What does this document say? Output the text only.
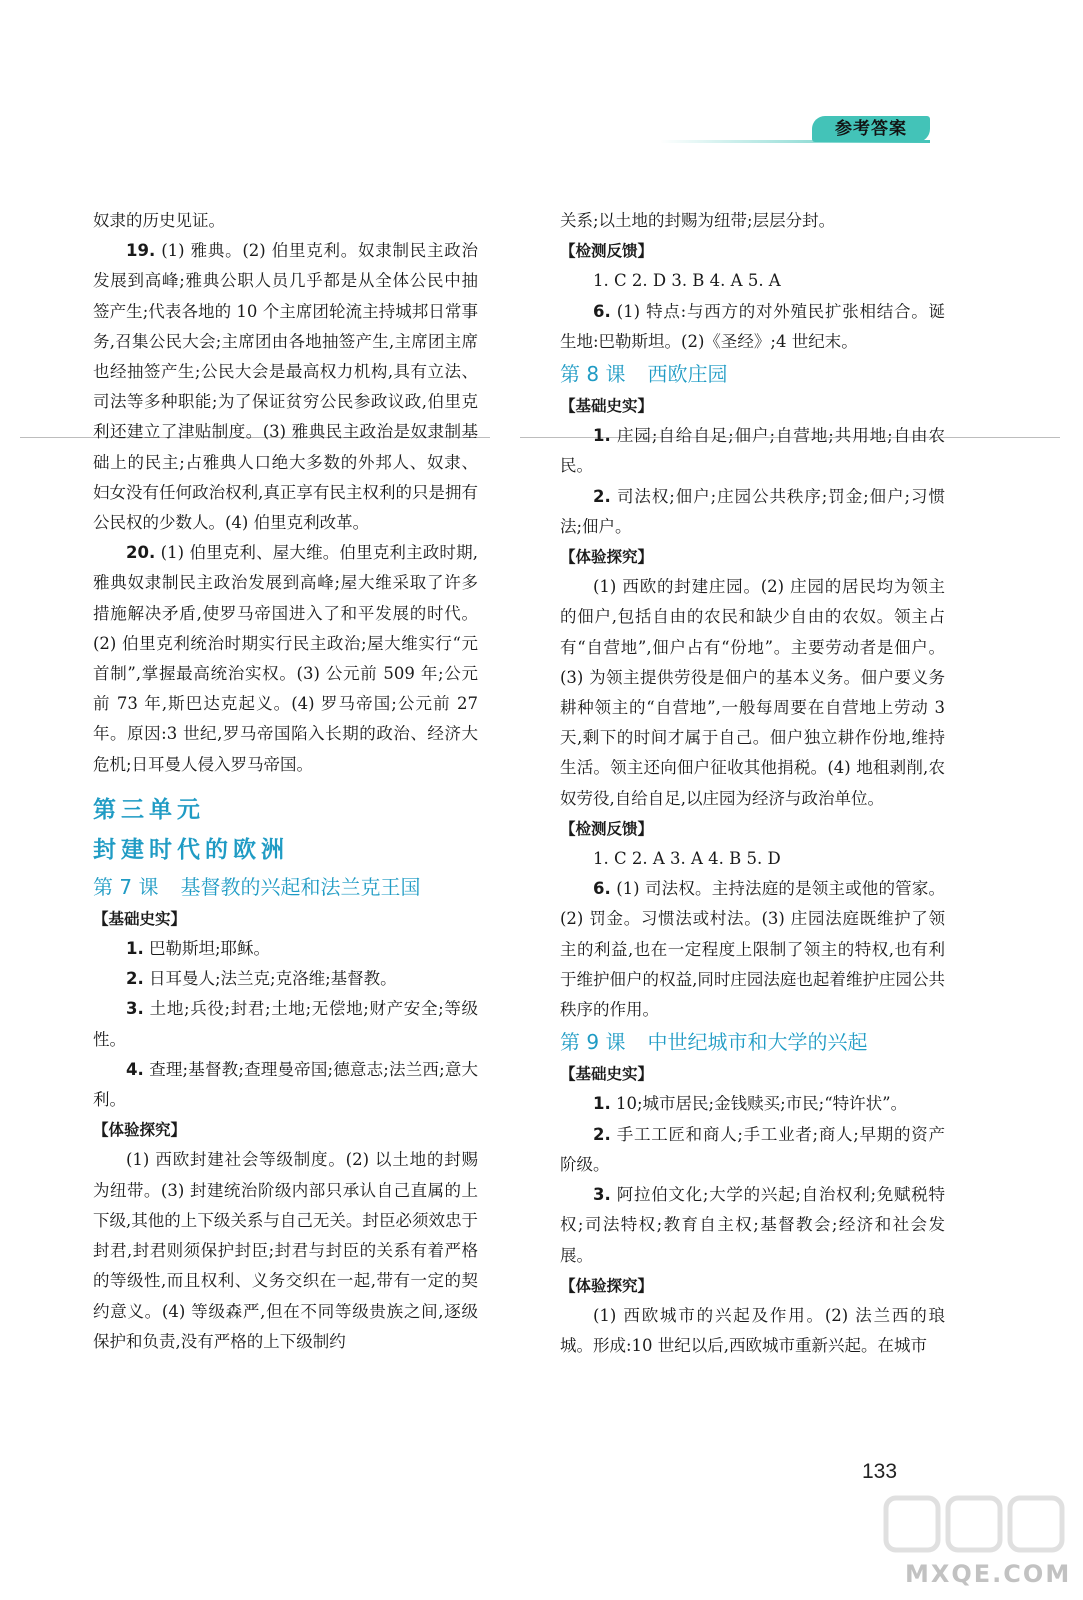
参考答案

奴隶的历史见证。

19. (1) 雅典。(2) 伯里克利。奴隶制民主政治发展到高峰;雅典公职人员几乎都是从全体公民中抽签产生;代表各地的 10 个主席团轮流主持城邦日常事务,召集公民大会;主席团由各地抽签产生,主席团主席也经抽签产生;公民大会是最高权力机构,具有立法、司法等多种职能;为了保证贫穷公民参政议政,伯里克利还建立了津贴制度。(3) 雅典民主政治是奴隶制基础上的民主;占雅典人口绝大多数的外邦人、奴隶、妇女没有任何政治权利,真正享有民主权利的只是拥有公民权的少数人。(4) 伯里克利改革。

20. (1) 伯里克利、屋大维。伯里克利主政时期,雅典奴隶制民主政治发展到高峰;屋大维采取了许多措施解决矛盾,使罗马帝国进入了和平发展的时代。(2) 伯里克利统治时期实行民主政治;屋大维实行“元首制”,掌握最高统治实权。(3) 公元前 509 年;公元前 73 年,斯巴达克起义。(4) 罗马帝国;公元前 27 年。原因:3 世纪,罗马帝国陷入长期的政治、经济大危机;日耳曼人侵入罗马帝国。

第三单元

封建时代的欧洲

第 7 课 基督教的兴起和法兰克王国

【基础史实】

1. 巴勒斯坦;耶稣。

2. 日耳曼人;法兰克;克洛维;基督教。

3. 土地;兵役;封君;土地;无偿地;财产安全;等级性。

4. 查理;基督教;查理曼帝国;德意志;法兰西;意大利。

【体验探究】

(1) 西欧封建社会等级制度。(2) 以土地的封赐为纽带。(3) 封建统治阶级内部只承认自己直属的上下级,其他的上下级关系与自己无关。封臣必须效忠于封君,封君则须保护封臣;封君与封臣的关系有着严格的等级性,而且权利、义务交织在一起,带有一定的契约意义。(4) 等级森严,但在不同等级贵族之间,逐级保护和负责,没有严格的上下级制约

关系;以土地的封赐为纽带;层层分封。

【检测反馈】

1. C 2. D 3. B 4. A 5. A

6. (1) 特点:与西方的对外殖民扩张相结合。诞生地:巴勒斯坦。(2)《圣经》;4 世纪末。

第 8 课 西欧庄园

【基础史实】

1. 庄园;自给自足;佃户;自营地;共用地;自由农民。

2. 司法权;佃户;庄园公共秩序;罚金;佃户;习惯法;佃户。

【体验探究】

(1) 西欧的封建庄园。(2) 庄园的居民均为领主的佃户,包括自由的农民和缺少自由的农奴。领主占有“自营地”,佃户占有“份地”。主要劳动者是佃户。(3) 为领主提供劳役是佃户的基本义务。佃户要义务耕种领主的“自营地”,一般每周要在自营地上劳动 3 天,剩下的时间才属于自己。佃户独立耕作份地,维持生活。领主还向佃户征收其他捐税。(4) 地租剥削,农奴劳役,自给自足,以庄园为经济与政治单位。

【检测反馈】

1. C 2. A 3. A 4. B 5. D

6. (1) 司法权。主持法庭的是领主或他的管家。(2) 罚金。习惯法或村法。(3) 庄园法庭既维护了领主的利益,也在一定程度上限制了领主的特权,也有利于维护佃户的权益,同时庄园法庭也起着维护庄园公共秩序的作用。

第 9 课 中世纪城市和大学的兴起

【基础史实】

1. 10;城市居民;金钱赎买;市民;“特许状”。

2. 手工工匠和商人;手工业者;商人;早期的资产阶级。

3. 阿拉伯文化;大学的兴起;自治权利;免赋税特权;司法特权;教育自主权;基督教会;经济和社会发展。

【体验探究】

(1) 西欧城市的兴起及作用。(2) 法兰西的琅城。形成:10 世纪以后,西欧城市重新兴起。在城市

133
MXQE.COM
